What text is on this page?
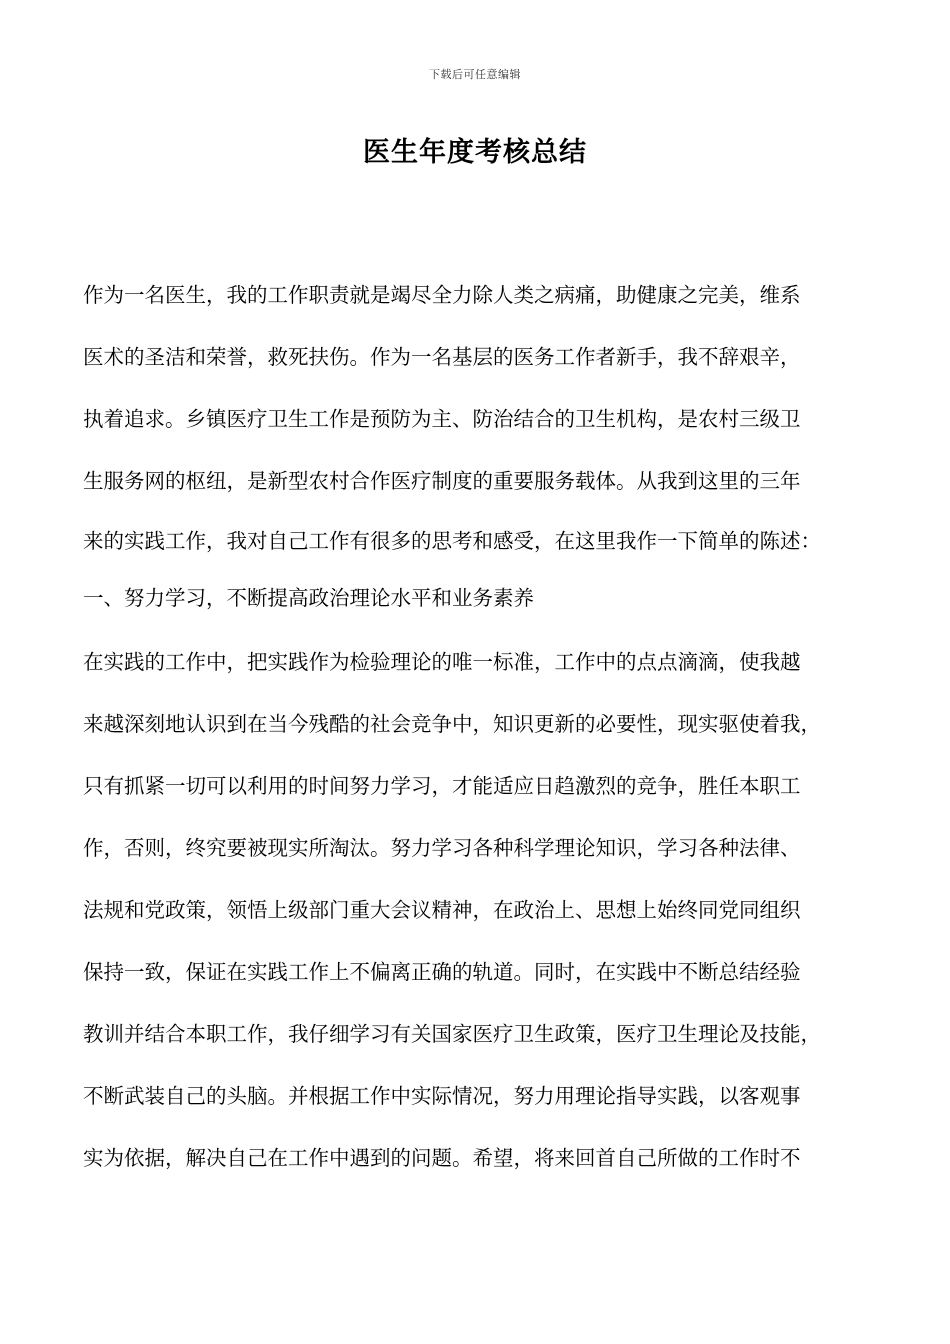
下载后可任意编辑
医生年度考核总结
作为一名医生，我的工作职责就是竭尽全力除人类之病痛，助健康之完美，维系
医术的圣洁和荣誉，救死扶伤。作为一名基层的医务工作者新手，我不辞艰辛，
执着追求。乡镇医疗卫生工作是预防为主、防治结合的卫生机构，是农村三级卫
生服务网的枢纽，是新型农村合作医疗制度的重要服务载体。从我到这里的三年
来的实践工作，我对自己工作有很多的思考和感受，在这里我作一下简单的陈述：
一、努力学习，不断提高政治理论水平和业务素养
在实践的工作中，把实践作为检验理论的唯一标准，工作中的点点滴滴，使我越
来越深刻地认识到在当今残酷的社会竞争中，知识更新的必要性，现实驱使着我，
只有抓紧一切可以利用的时间努力学习，才能适应日趋激烈的竞争，胜任本职工
作，否则，终究要被现实所淘汰。努力学习各种科学理论知识，学习各种法律、
法规和党政策，领悟上级部门重大会议精神，在政治上、思想上始终同党同组织
保持一致，保证在实践工作上不偏离正确的轨道。同时，在实践中不断总结经验
教训并结合本职工作，我仔细学习有关国家医疗卫生政策，医疗卫生理论及技能，
不断武装自己的头脑。并根据工作中实际情况，努力用理论指导实践，以客观事
实为依据，解决自己在工作中遇到的问题。希望，将来回首自己所做的工作时不
